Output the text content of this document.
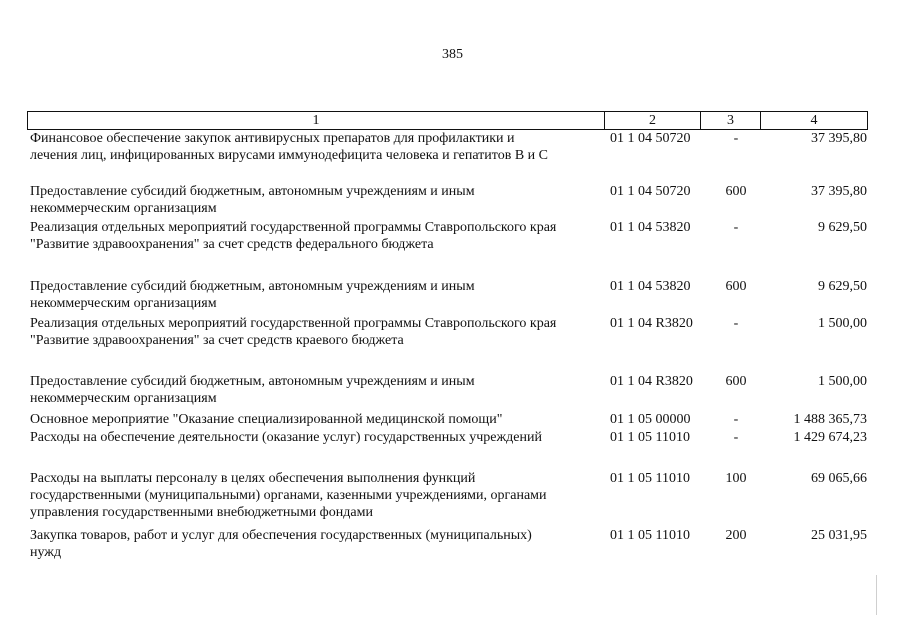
385
1	2	3	4
Финансовое обеспечение закупок антивирусных препаратов для профилактики и
лечения лиц, инфицированных вирусами иммунодефицита человека и гепатитов В и С
01 1 04 50720	-	37 395,80
Предоставление субсидий бюджетным, автономным учреждениям и иным
некоммерческим организациям
01 1 04 50720	600	37 395,80
Реализация отдельных мероприятий государственной программы Ставропольского края
"Развитие здравоохранения" за счет средств федерального бюджета
01 1 04 53820	-	9 629,50
Предоставление субсидий бюджетным, автономным учреждениям и иным
некоммерческим организациям
01 1 04 53820	600	9 629,50
Реализация отдельных мероприятий государственной программы Ставропольского края
"Развитие здравоохранения" за счет средств краевого бюджета
01 1 04 R3820	-	1 500,00
Предоставление субсидий бюджетным, автономным учреждениям и иным
некоммерческим организациям
01 1 04 R3820	600	1 500,00
Основное мероприятие "Оказание специализированной медицинской помощи"	01 1 05 00000	-	1 488 365,73
Расходы на обеспечение деятельности (оказание услуг) государственных учреждений	01 1 05 11010	-	1 429 674,23
Расходы на выплаты персоналу в целях обеспечения выполнения функций
государственными (муниципальными) органами, казенными учреждениями, органами
управления государственными внебюджетными фондами
01 1 05 11010	100	69 065,66
Закупка товаров, работ и услуг для обеспечения государственных (муниципальных)
нужд
01 1 05 11010	200	25 031,95
